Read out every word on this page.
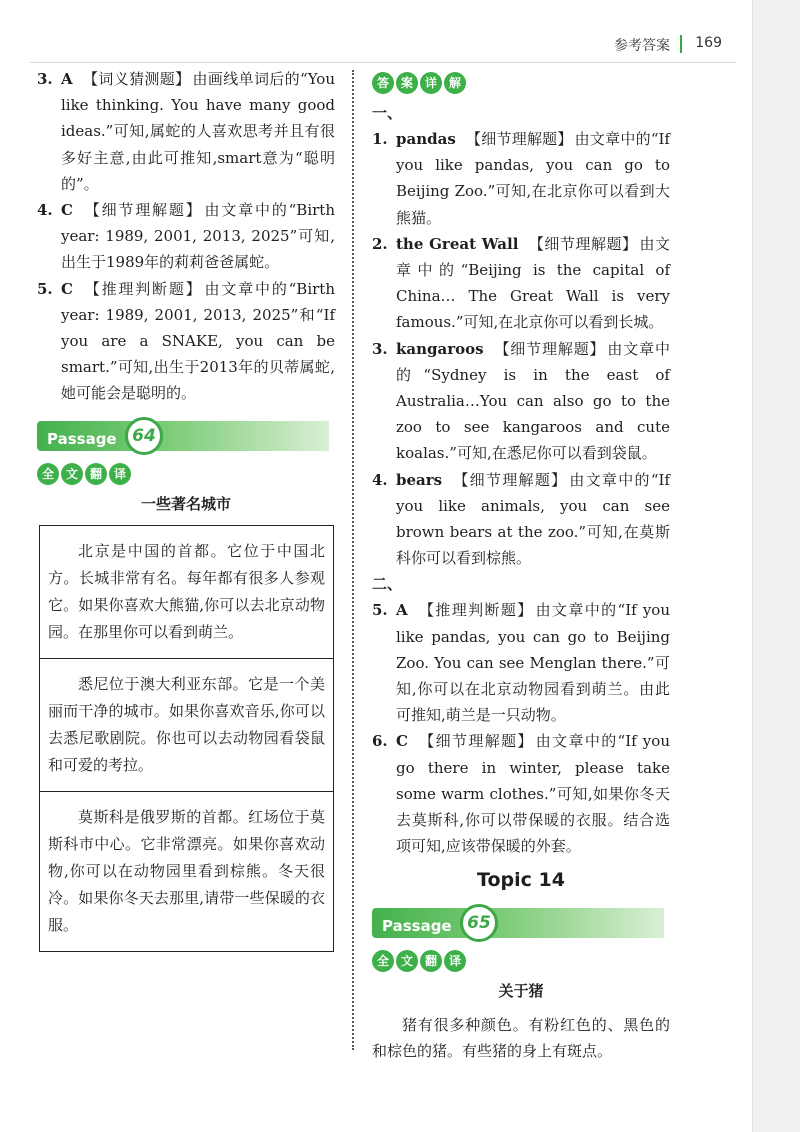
参考答案 169
3. A 【词义猜测题】 由画线单词后的“You like thinking. You have many good ideas.”可知,属蛇的人喜欢思考并且有很多好主意,由此可推知,smart意为“聪明的”。
4. C 【细节理解题】 由文章中的“Birth year: 1989, 2001, 2013, 2025”可知,出生于1989年的莉莉爸爸属蛇。
5. C 【推理判断题】 由文章中的“Birth year: 1989, 2001, 2013, 2025”和“If you are a SNAKE, you can be smart.”可知,出生于2013年的贝蒂属蛇,她可能会是聪明的。
Passage 64
全 文 翻 译
一些著名城市
北京是中国的首都。它位于中国北方。长城非常有名。每年都有很多人参观它。如果你喜欢大熊猫,你可以去北京动物园。在那里你可以看到萌兰。
悉尼位于澳大利亚东部。它是一个美丽而干净的城市。如果你喜欢音乐,你可以去悉尼歌剧院。你也可以去动物园看袋鼠和可爱的考拉。
莫斯科是俄罗斯的首都。红场位于莫斯科市中心。它非常漂亮。如果你喜欢动物,你可以在动物园里看到棕熊。冬天很冷。如果你冬天去那里,请带一些保暖的衣服。
答 案 详 解
一、
1. pandas 【细节理解题】 由文章中的“If you like pandas, you can go to Beijing Zoo.”可知,在北京你可以看到大熊猫。
2. the Great Wall 【细节理解题】 由文章中的“Beijing is the capital of China… The Great Wall is very famous.”可知,在北京你可以看到长城。
3. kangaroos 【细节理解题】 由文章中的“Sydney is in the east of Australia…You can also go to the zoo to see kangaroos and cute koalas.”可知,在悉尼你可以看到袋鼠。
4. bears 【细节理解题】 由文章中的“If you like animals, you can see brown bears at the zoo.”可知,在莫斯科你可以看到棕熊。
二、
5. A 【推理判断题】 由文章中的“If you like pandas, you can go to Beijing Zoo. You can see Menglan there.”可知,你可以在北京动物园看到萌兰。由此可推知,萌兰是一只动物。
6. C 【细节理解题】 由文章中的“If you go there in winter, please take some warm clothes.”可知,如果你冬天去莫斯科,你可以带保暖的衣服。结合选项可知,应该带保暖的外套。
Topic 14
Passage 65
全 文 翻 译
关于猪
猪有很多种颜色。有粉红色的、黑色的和棕色的猪。有些猪的身上有斑点。
